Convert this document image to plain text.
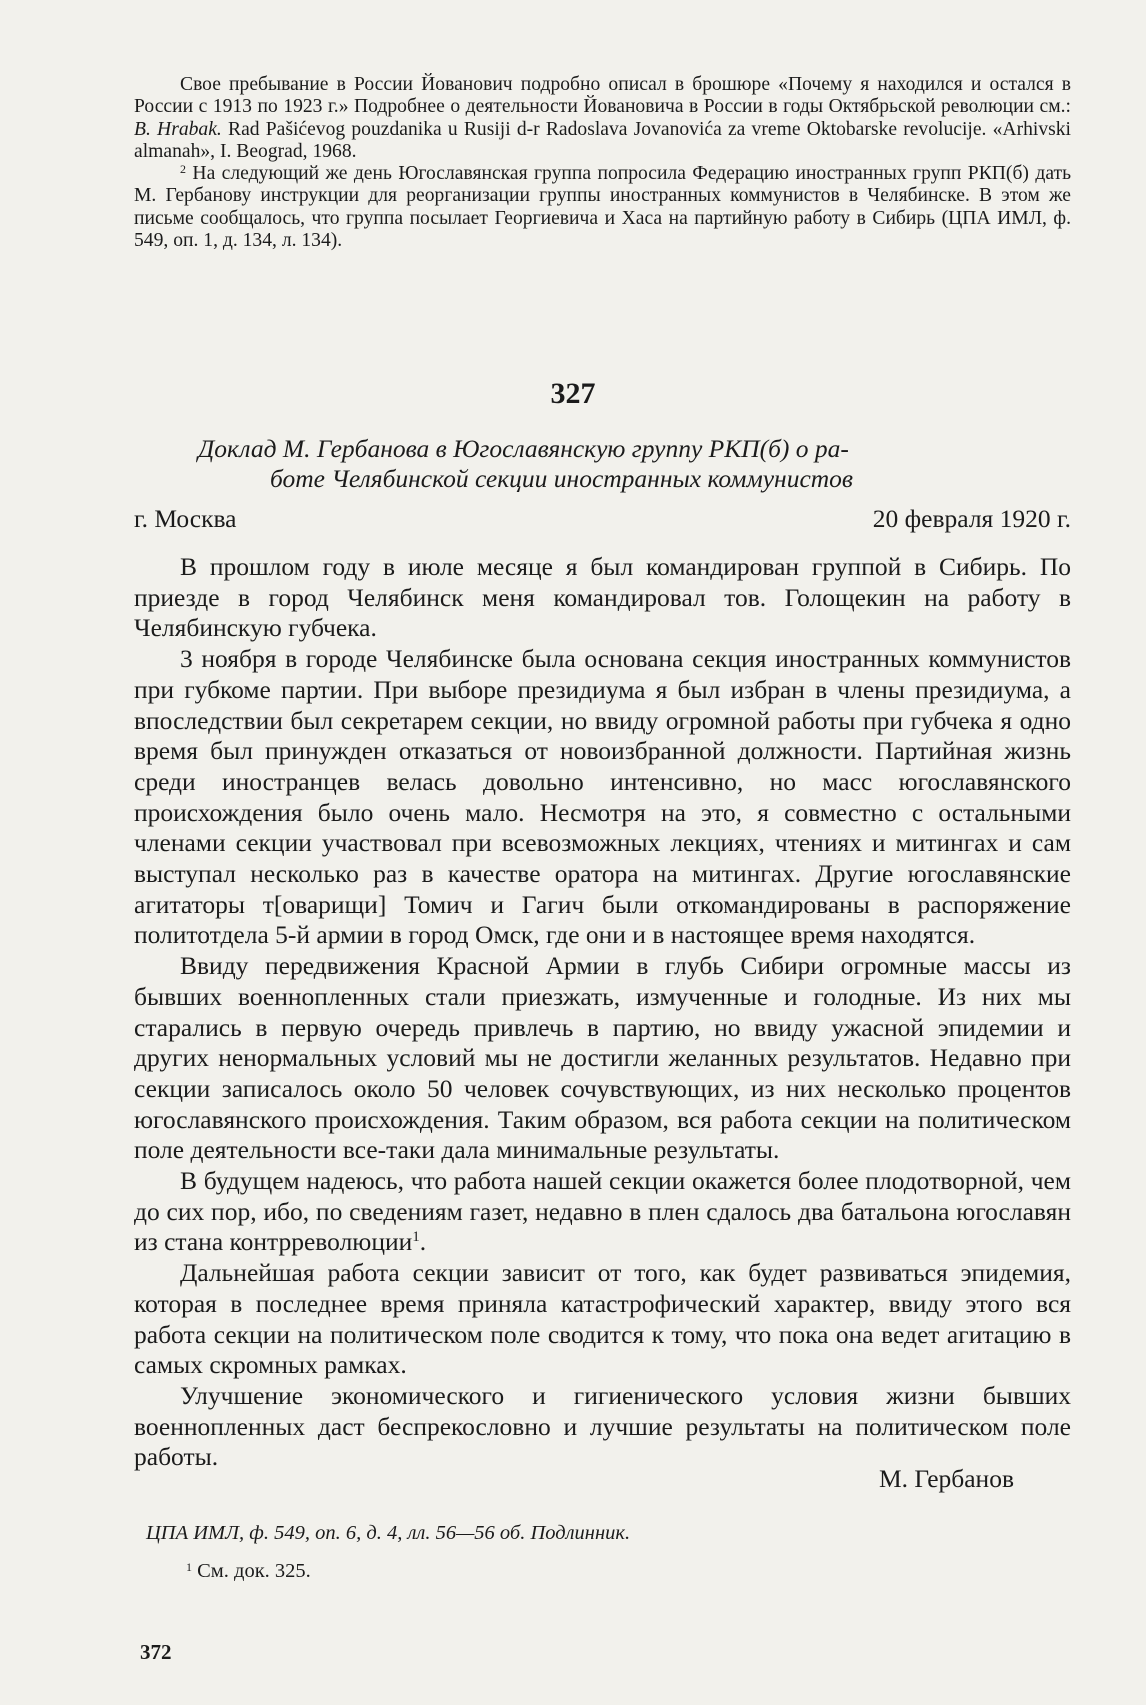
Свое пребывание в России Йованович подробно описал в брошюре «Почему я находился и остался в России с 1913 по 1923 г.» Подробнее о деятельности Йовановича в России в годы Октябрьской революции см.: В. Hrabak. Rad Pašićevog pouzdanika u Rusiji d-r Radoslava Jovanovića za vreme Oktobarske revolucije. «Arhivski almanah», I. Beograd, 1968.

$^2$ На следующий же день Югославянская группа попросила Федерацию иностранных групп РКП(б) дать М. Гербанову инструкции для реорганизации группы иностранных коммунистов в Челябинске. В этом же письме сообщалось, что группа посылает Георгиевича и Хаса на партийную работу в Сибирь (ЦПА ИМЛ, ф. 549, оп. 1, д. 134, л. 134).

327

Доклад М. Гербанова в Югославянскую группу РКП(б) о ра-

боте Челябинской секции иностранных коммунистов

г. Москва	20 февраля 1920 г.

В прошлом году в июле месяце я был командирован группой в Сибирь. По приезде в город Челябинск меня командировал тов. Голощекин на работу в Челябинскую губчека.

3 ноября в городе Челябинске была основана секция иностранных коммунистов при губкоме партии. При выборе президиума я был избран в члены президиума, а впоследствии был секретарем секции, но ввиду огромной работы при губчека я одно время был принужден отказаться от новоизбранной должности. Партийная жизнь среди иностранцев велась довольно интенсивно, но масс югославянского происхождения было очень мало. Несмотря на это, я совместно с остальными членами секции участвовал при всевозможных лекциях, чтениях и митингах и сам выступал несколько раз в качестве оратора на митингах. Другие югославянские агитаторы т[оварищи] Томич и Гагич были откомандированы в распоряжение политотдела 5-й армии в город Омск, где они и в настоящее время находятся.

Ввиду передвижения Красной Армии в глубь Сибири огромные массы из бывших военнопленных стали приезжать, измученные и голодные. Из них мы старались в первую очередь привлечь в партию, но ввиду ужасной эпидемии и других ненормальных условий мы не достигли желанных результатов. Недавно при секции записалось около 50 человек сочувствующих, из них несколько процентов югославянского происхождения. Таким образом, вся работа секции на политическом поле деятельности все-таки дала минимальные результаты.

В будущем надеюсь, что работа нашей секции окажется более плодотворной, чем до сих пор, ибо, по сведениям газет, недавно в плен сдалось два батальона югославян из стана контрреволюции$^1$.

Дальнейшая работа секции зависит от того, как будет развиваться эпидемия, которая в последнее время приняла катастрофический характер, ввиду этого вся работа секции на политическом поле сводится к тому, что пока она ведет агитацию в самых скромных рамках.

Улучшение экономического и гигиенического условия жизни бывших военнопленных даст беспрекословно и лучшие результаты на политическом поле работы.

М. Гербанов
ЦПА ИМЛ, ф. 549, оп. 6, д. 4, лл. 56—56 об. Подлинник.
$^1$ См. док. 325.
372
